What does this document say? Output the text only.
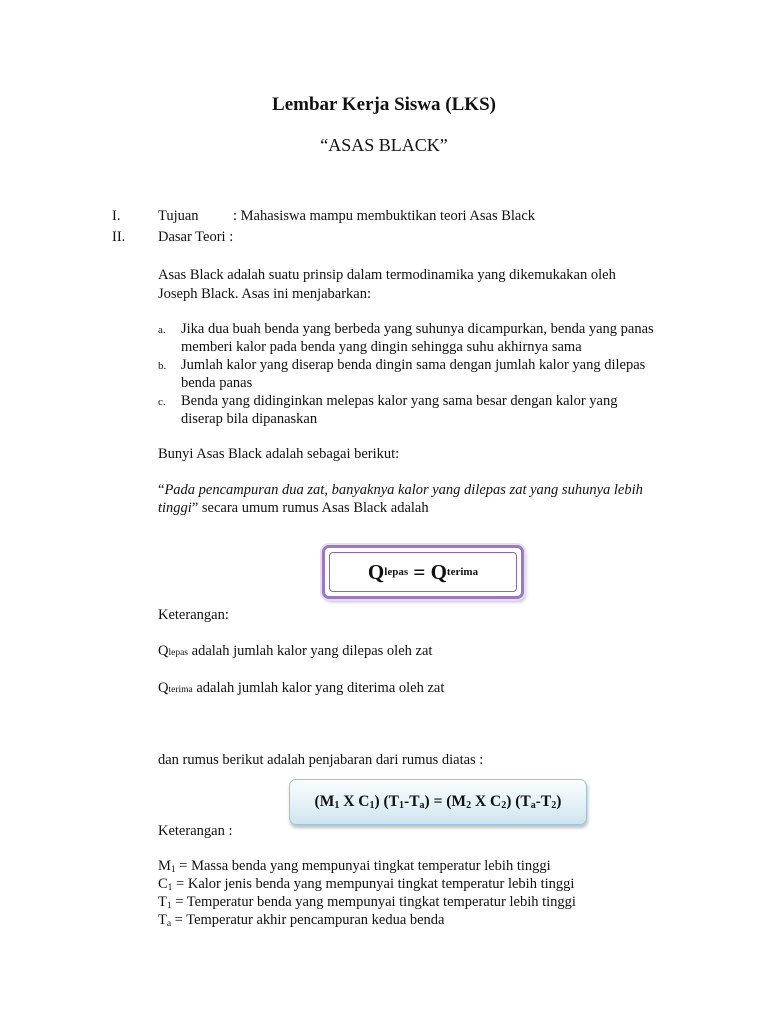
Lembar Kerja Siswa (LKS)
“ASAS BLACK”
I.	Tujuan : Mahasiswa mampu membuktikan teori Asas Black
II. Dasar Teori :
Asas Black adalah suatu prinsip dalam termodinamika yang dikemukakan oleh
Joseph Black. Asas ini menjabarkan:
a. Jika dua buah benda yang berbeda yang suhunya dicampurkan, benda yang panas
memberi kalor pada benda yang dingin sehingga suhu akhirnya sama
b. Jumlah kalor yang diserap benda dingin sama dengan jumlah kalor yang dilepas
benda panas
c. Benda yang didinginkan melepas kalor yang sama besar dengan kalor yang
diserap bila dipanaskan
Bunyi Asas Black adalah sebagai berikut:
“Pada pencampuran dua zat, banyaknya kalor yang dilepas zat yang suhunya lebih
tinggi” secara umum rumus Asas Black adalah
Q lepas = Q terima
Keterangan:
Qlepas adalah jumlah kalor yang dilepas oleh zat
Qterima adalah jumlah kalor yang diterima oleh zat
dan rumus berikut adalah penjabaran dari rumus diatas :
($M_1$ X $C_1$) $(T_1-T_a) = (M_2$ X $C_2$) $(T_a-T_2)$
Keterangan :
$M_1$ = Massa benda yang mempunyai tingkat temperatur lebih tinggi
$C_1$ = Kalor jenis benda yang mempunyai tingkat temperatur lebih tinggi
$T_1$ = Temperatur benda yang mempunyai tingkat temperatur lebih tinggi
$T_a$ = Temperatur akhir pencampuran kedua benda
